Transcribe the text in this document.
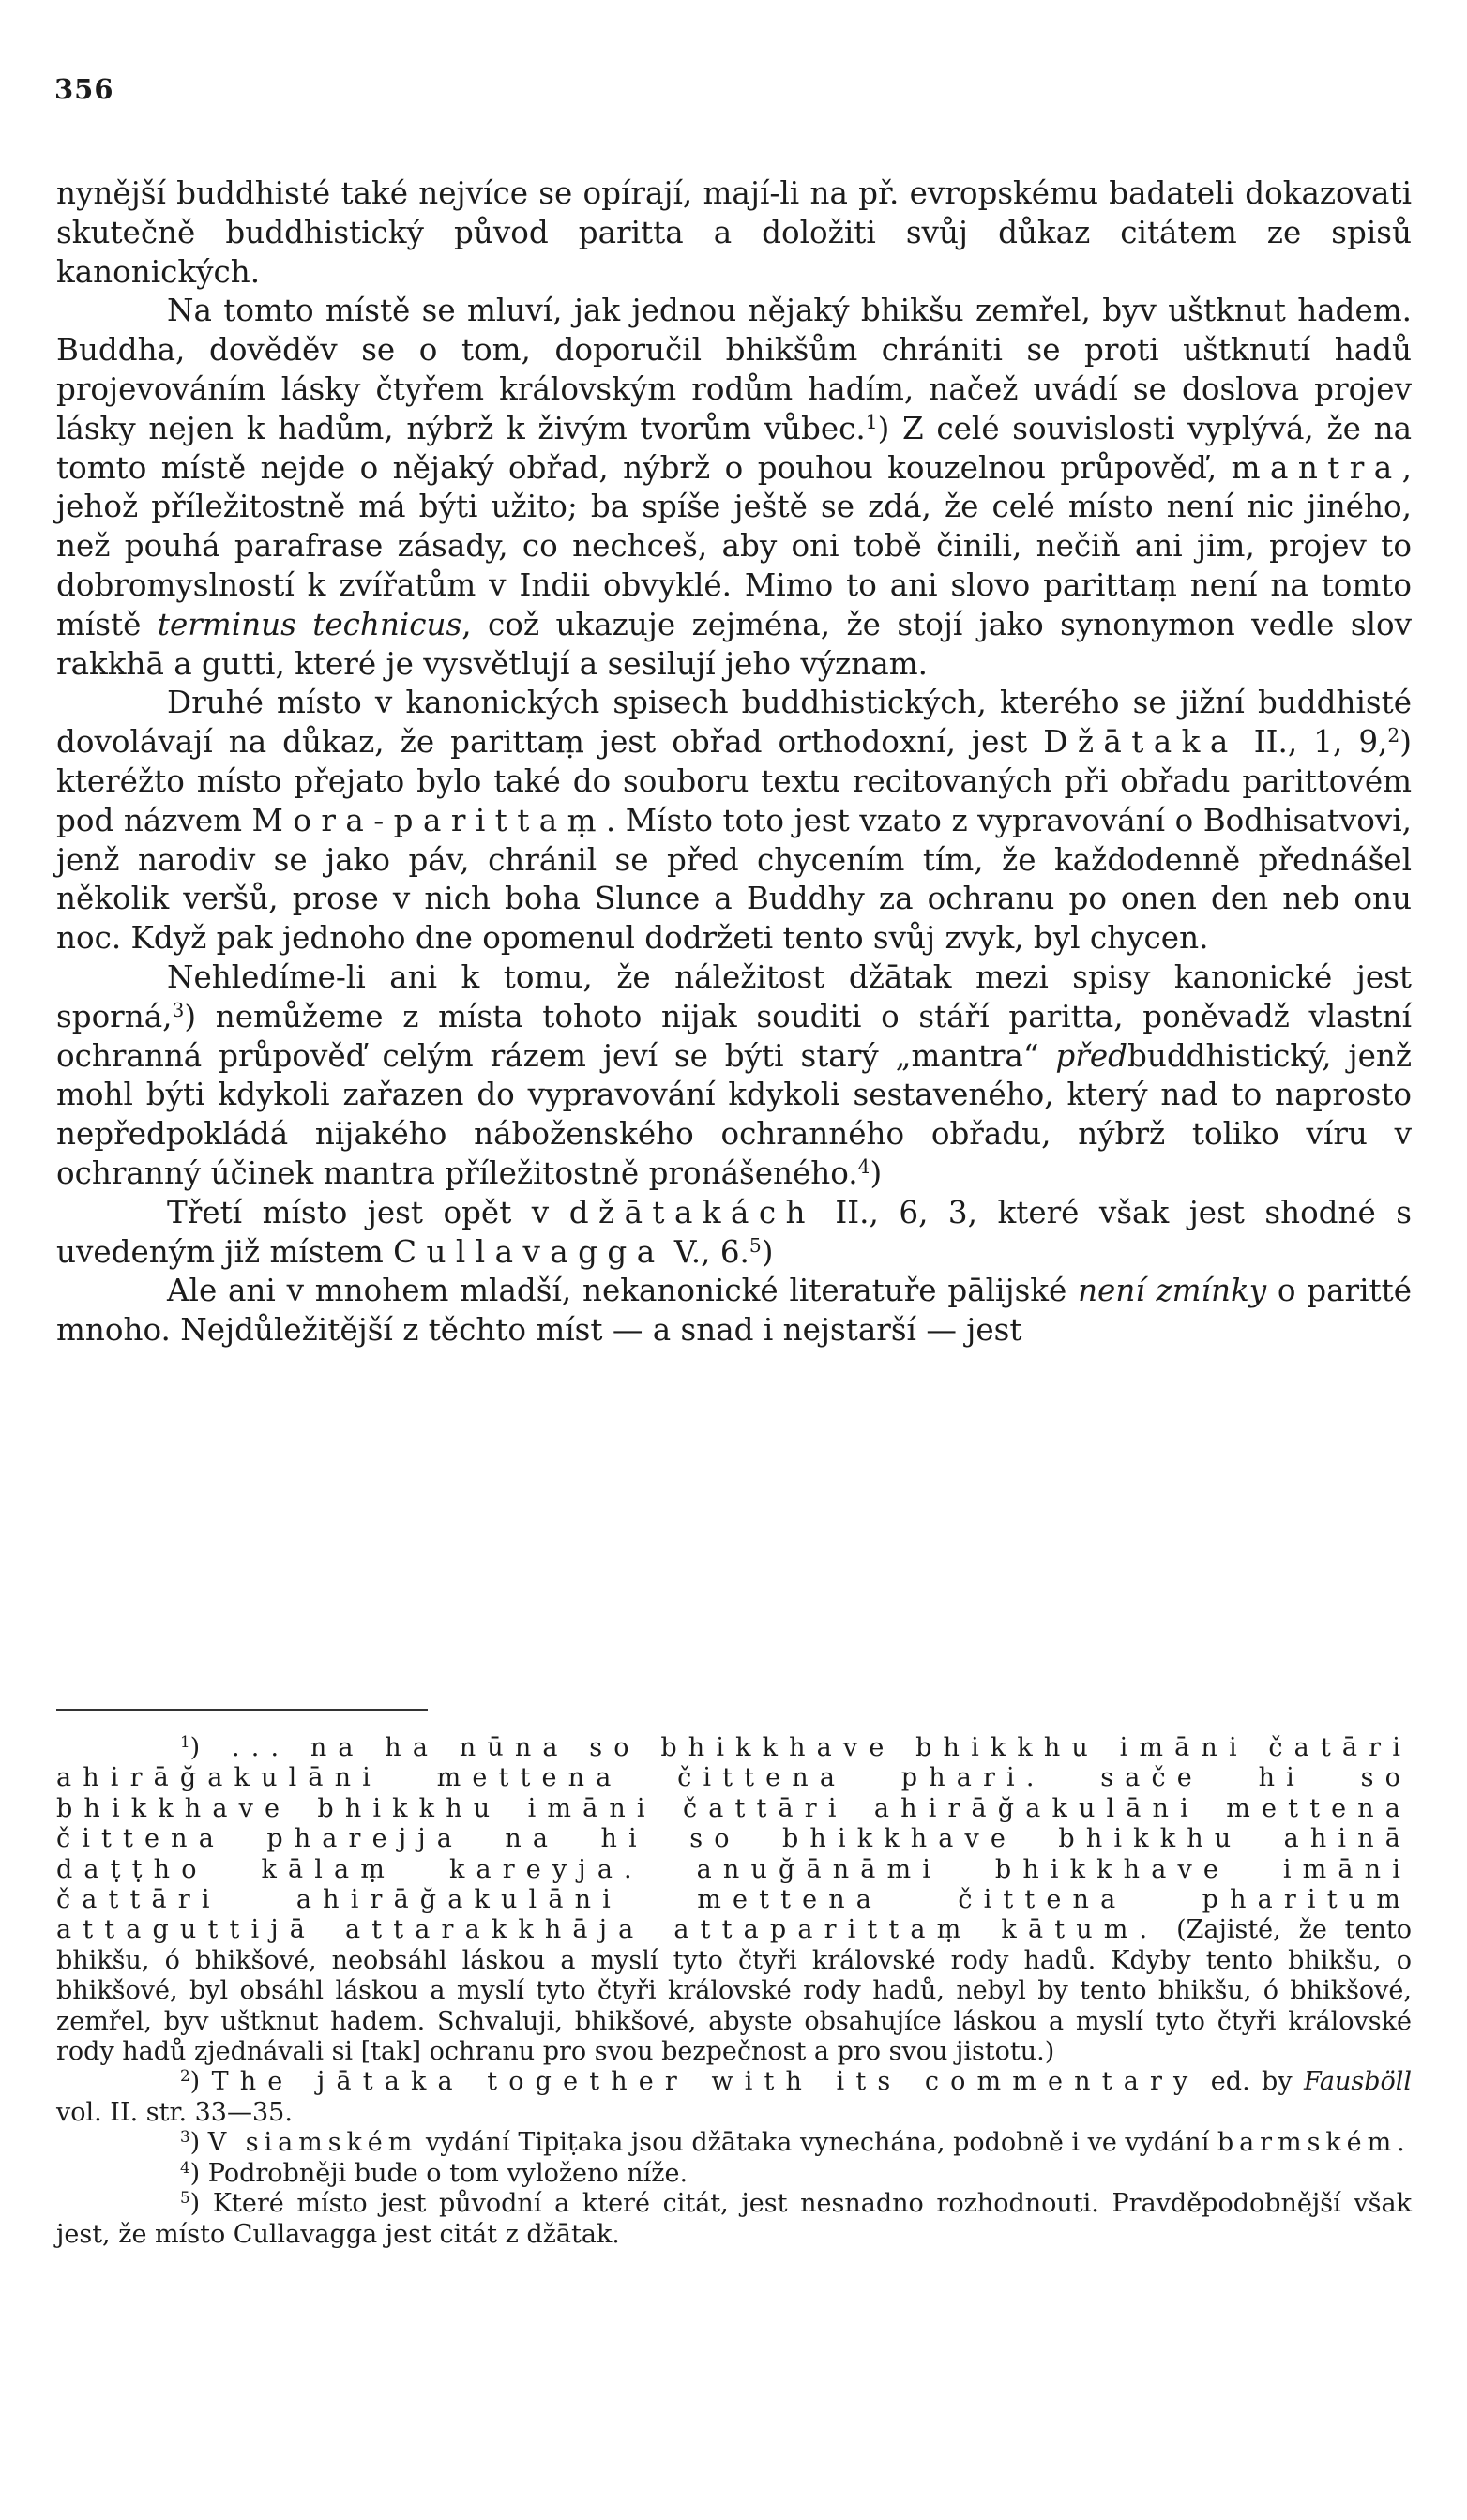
356

nynější buddhisté také nejvíce se opírají, mají-li na př. evropskému badateli dokazovati skutečně buddhistický původ paritta a doložiti svůj důkaz citátem ze spisů kanonických.

Na tomto místě se mluví, jak jednou nějaký bhikšu zemřel, byv uštknut hadem. Buddha, dověděv se o tom, doporučil bhikšům chrániti se proti uštknutí hadů projevováním lásky čtyřem královským rodům hadím, načež uvádí se doslova projev lásky nejen k hadům, nýbrž k živým tvorům vůbec.$^1$) Z celé souvislosti vyplývá, že na tomto místě nejde o nějaký obřad, nýbrž o pouhou kouzelnou průpověď, mantra, jehož příležitostně má býti užito; ba spíše ještě se zdá, že celé místo není nic jiného, než pouhá parafrase zásady, co nechceš, aby oni tobě činili, nečiň ani jim, projev to dobromyslností k zvířatům v Indii obvyklé. Mimo to ani slovo parittaṃ není na tomto místě terminus technicus, což ukazuje zejména, že stojí jako synonymon vedle slov rakkhā a gutti, které je vysvětlují a sesilují jeho význam.

Druhé místo v kanonických spisech buddhistických, kterého se jižní buddhisté dovolávají na důkaz, že parittaṃ jest obřad orthodoxní, jest Džātaka II., 1, 9,$^2$) kteréžto místo přejato bylo také do souboru textu recitovaných při obřadu parittovém pod názvem Mora-parittaṃ. Místo toto jest vzato z vypravování o Bodhisatvovi, jenž narodiv se jako páv, chránil se před chycením tím, že každodenně přednášel několik veršů, prose v nich boha Slunce a Buddhy za ochranu po onen den neb onu noc. Když pak jednoho dne opomenul dodržeti tento svůj zvyk, byl chycen.

Nehledíme-li ani k tomu, že náležitost džātak mezi spisy kanonické jest sporná,$^3$) nemůžeme z místa tohoto nijak souditi o stáří paritta, poněvadž vlastní ochranná průpověď celým rázem jeví se býti starý „mantra“ předbuddhistický, jenž mohl býti kdykoli zařazen do vypravování kdykoli sestaveného, který nad to naprosto nepředpokládá nijakého náboženského ochranného obřadu, nýbrž toliko víru v ochranný účinek mantra příležitostně pronášeného.$^4$)

Třetí místo jest opět v džātakách II., 6, 3, které však jest shodné s uvedeným již místem Cullavagga V., 6.$^5$)

Ale ani v mnohem mladší, nekanonické literatuře pālijské není zmínky o paritté mnoho. Nejdůležitější z těchto míst — a snad i nejstarší — jest

$^1$) ... na ha nūna so bhikkhave bhikkhu imāni čatāri ahirāğakulāni mettena čittena phari. sače hi so bhikkhave bhikkhu imāni čattāri ahirāğakulāni mettena čittena pharejja na hi so bhikkhave bhikkhu ahinā daṭṭho kālaṃ kareyja. anuğānāmi bhikkhave imāni čattāri ahirāğakulāni mettena čittena pharitum attaguttijā attarakkhāja attaparittaṃ kātum. (Zajisté, že tento bhikšu, ó bhikšové, neobsáhl láskou a myslí tyto čtyři královské rody hadů. Kdyby tento bhikšu, o bhikšové, byl obsáhl láskou a myslí tyto čtyři královské rody hadů, nebyl by tento bhikšu, ó bhikšové, zemřel, byv uštknut hadem. Schvaluji, bhikšové, abyste obsahujíce láskou a myslí tyto čtyři královské rody hadů zjednávali si [tak] ochranu pro svou bezpečnost a pro svou jistotu.)

$^2$) The jātaka together with its commentary ed. by Fausböll vol. II. str. 33—35.

$^3$) V siamském vydání Tipiṭaka jsou džātaka vynechána, podobně i ve vydání barmském.

$^4$) Podrobněji bude o tom vyloženo níže.

$^5$) Které místo jest původní a které citát, jest nesnadno rozhodnouti. Pravděpodobnější však jest, že místo Cullavagga jest citát z džātak.
